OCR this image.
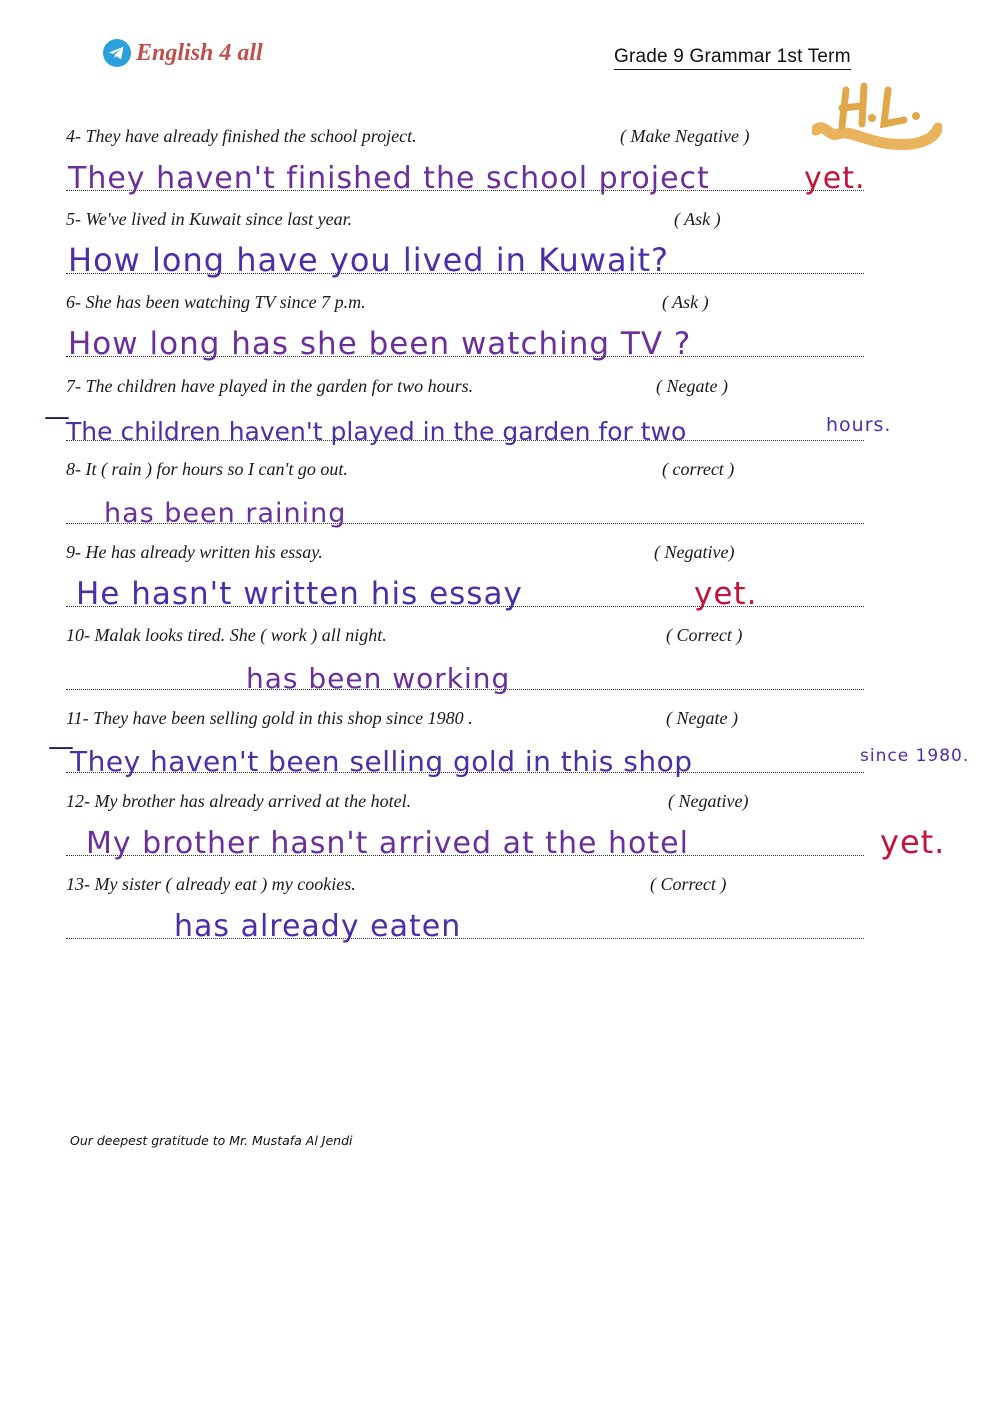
English 4 all	Grade 9 Grammar 1st Term
4- They have already finished the school project.	( Make Negative )
They haven't finished the school project	yet.
5- We've lived in Kuwait since last year.	( Ask )
How long have you lived in Kuwait?
6- She has been watching TV since 7 p.m.	( Ask )
How long has she been watching TV ?
7- The children have played in the garden for two hours.	( Negate )
—
The children haven't played in the garden for two	hours.
8- It ( rain ) for hours so I can't go out.	( correct )
has been raining
9- He has already written his essay.	( Negative)
He hasn't written his essay	yet.
10- Malak looks tired. She ( work ) all night.	( Correct )
has been working
11- They have been selling gold in this shop since 1980 .	( Negate )
—
They haven't been selling gold in this shop	since 1980.
12- My brother has already arrived at the hotel.	( Negative)
My brother hasn't arrived at the hotel	yet.
13- My sister ( already eat ) my cookies.	( Correct )
has already eaten
Our deepest gratitude to Mr. Mustafa Al Jendi
